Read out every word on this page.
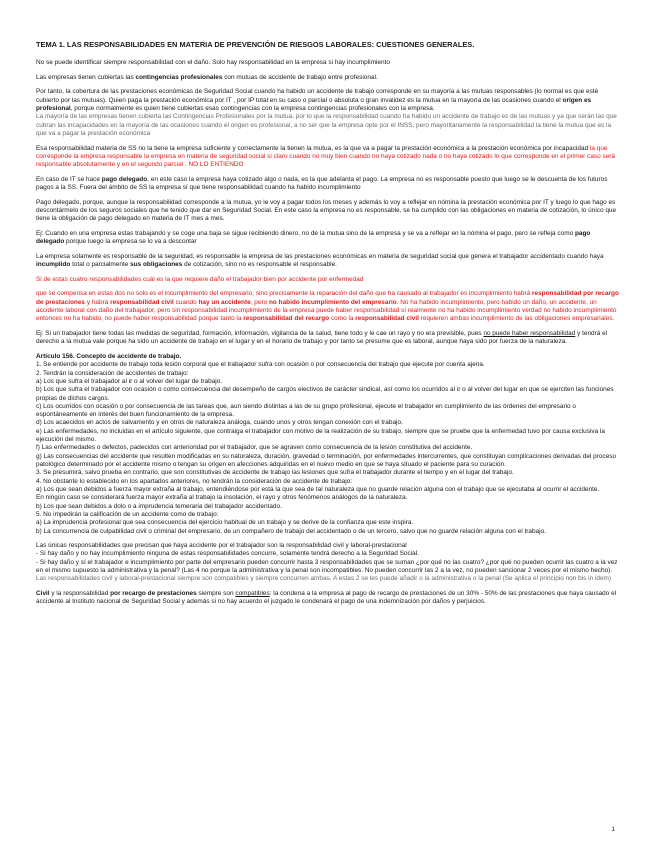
TEMA 1. LAS RESPONSABILIDADES EN MATERIA DE PREVENCIÓN DE RIESGOS LABORALES: CUESTIONES GENERALES.

No se puede identificar siempre responsabilidad con el daño. Solo hay responsabilidad en la empresa si hay incumplimiento

Las empresas tienen cubiertas las contingencias profesionales con mutuas de accidente de trabajo entre profesional.

Por tanto, la cobertura de las prestaciones económicas de Seguridad Social cuando ha habido un accidente de trabajo corresponde en su mayoría a las mutuas responsables (lo normal es que esté cubierto por las mutuas). Quien paga la prestación económica por IT , por IP total en su caso o parcial o absoluta o gran invalidez es la mutua en la mayoría de las ocasiones cuando el origen es profesional, porque normalmente es quien tiene cubiertas esas contingencias con la empresa contingencias profesionales con la empresa.

La mayoría de las empresas tienen cubierta las Contingencias Profesionales por la mutua, por lo que la responsabilidad cuando ha habido un accidente de trabajo es de las mutuas y ya que serán las que cubran las incapacidades en la mayoría de las ocasiones cuando el origen es profesional, a no ser que la empresa opte por el INSS, pero mayoritariamente la responsabilidad la tiene la mutua que es la que va a pagar la prestación económica

Esa responsabilidad materia de SS no la tiene la empresa suficiente y correctamente la tienen la mutua, es la que va a pagar la prestación económica a la prestación económica por incapacidad la que corresponde la empresa responsable la empresa en materia de seguridad social si claro cuando no muy bien cuando no haya cotizado nada o no haya cotizado lo que corresponde en el primer caso será responsable absolutamente y en el segundo parcial . NO LO ENTIENDO

En caso de IT se hace pago delegado, en este caso la empresa haya cotizado algo o nada, es la que adelanta el pago. La empresa no es responsable puesto que luego se le descuenta de los futuros pagos a la SS. Fuera del ámbito de SS la empresa sí que tiene responsabilidad cuando ha habido incumplimiento

Pago delegado, porque, aunque la responsabilidad corresponde a la mutua, yo le voy a pagar todos los meses y además lo voy a reflejar en nómina la prestación económica por IT y luego lo que hago es descontármelo de los seguros sociales que he tenido que dar en Seguridad Social. En este caso la empresa no es responsable, se ha cumplido con las obligaciones en materia de cotización, lo único que tiene la obligación de pago delegado en materia de IT mes a mes.

Ej: Cuando en una empresa estas trabajando y se coge una baja se sigue recibiendo dinero, no de la mutua sino de la empresa y se va a reflejar en la nómina el pago, pero se refleja como pago delegado porque luego la empresa se lo va a descontar

La empresa solamente es responsable de la seguridad, es responsable la empresa de las prestaciones económicas en materia de seguridad social que genera el trabajador accidentado cuando haya incumplido total o parcialmente sus obligaciones de cotización, sino no es responsable el responsable.

Si de estas cuatro responsabilidades cuál es la que requiere daño el trabajador bien por accidente por enfermedad

que se compensa en estas dos no solo es el incumplimiento del empresario, sino precisamente la reparación del daño que ha causado al trabajador es incumplimiento habrá responsabilidad por recargo de prestaciones y habrá responsabilidad civil cuando hay un accidente, pero no habido incumplimiento del empresario. No ha habido incumplimiento, pero habido un daño, un accidente, un accidente laboral con daño del trabajador, pero sin responsabilidad incumplimiento de la empresa puede haber responsabilidad sí realmente no ha habido incumplimiento verdad no habido incumplimiento entonces no ha habido, no puede haber responsabilidad porque tanto la responsabilidad del recargo como la responsabilidad civil requieren ambas incumplimiento de las obligaciones empresariales.

Ej: Si un trabajador tiene todas las medidas de seguridad, formación, información, vigilancia de la salud, tiene todo y le cae un rayo y no era previsible, pues no puede haber responsabilidad y tendrá el derecho a la mutua vale porque ha sido un accidente de trabajo en el lugar y en el horario de trabajo y por tanto se presume que es laboral, aunque haya sido por fuerza de la naturaleza.

Artículo 156. Concepto de accidente de trabajo.

1. Se entiende por accidente de trabajo toda lesión corporal que el trabajador sufra con ocasión o por consecuencia del trabajo que ejecute por cuenta ajena.

2. Tendrán la consideración de accidentes de trabajo:

a) Los que sufra el trabajador al ir o al volver del lugar de trabajo.

b) Los que sufra el trabajador con ocasión o como consecuencia del desempeño de cargos electivos de carácter sindical, así como los ocurridos al ir o al volver del lugar en que se ejerciten las funciones propias de dichos cargos.

c) Los ocurridos con ocasión o por consecuencia de las tareas que, aun siendo distintas a las de su grupo profesional, ejecute el trabajador en cumplimiento de las órdenes del empresario o espontáneamente en interés del buen funcionamiento de la empresa.

d) Los acaecidos en actos de salvamento y en otros de naturaleza análoga, cuando unos y otros tengan conexión con el trabajo.

e) Las enfermedades, no incluidas en el artículo siguiente, que contraiga el trabajador con motivo de la realización de su trabajo, siempre que se pruebe que la enfermedad tuvo por causa exclusiva la ejecución del mismo.

f) Las enfermedades o defectos, padecidos con anterioridad por el trabajador, que se agraven como consecuencia de la lesión constitutiva del accidente.

g) Las consecuencias del accidente que resulten modificadas en su naturaleza, duración, gravedad o terminación, por enfermedades intercurrentes, que constituyan complicaciones derivadas del proceso patológico determinado por el accidente mismo o tengan su origen en afecciones adquiridas en el nuevo medio en que se haya situado el paciente para su curación.

3. Se presumirá, salvo prueba en contrario, que son constitutivas de accidente de trabajo las lesiones que sufra el trabajador durante el tiempo y en el lugar del trabajo.

4. No obstante lo establecido en los apartados anteriores, no tendrán la consideración de accidente de trabajo:

a) Los que sean debidos a fuerza mayor extraña al trabajo, entendiéndose por esta la que sea de tal naturaleza que no guarde relación alguna con el trabajo que se ejecutaba al ocurrir el accidente.

En ningún caso se considerará fuerza mayor extraña al trabajo la insolación, el rayo y otros fenómenos análogos de la naturaleza.

b) Los que sean debidos a dolo o a imprudencia temeraria del trabajador accidentado.

5. No impedirán la calificación de un accidente como de trabajo:

a) La imprudencia profesional que sea consecuencia del ejercicio habitual de un trabajo y se derive de la confianza que este inspira.

b) La concurrencia de culpabilidad civil o criminal del empresario, de un compañero de trabajo del accidentado o de un tercero, salvo que no guarde relación alguna con el trabajo.

Las únicas responsabilidades que precisan que haya accidente por el trabajador son la responsabilidad civil y laboral-prestacional

- Si hay daño y no hay incumplimiento ninguna de estas responsabilidades concurre, solamente tendrá derecho a la Seguridad Social.

- Si hay daño y sí el trabajador e incumplimiento por parte del empresario pueden concurrir hasta 3 responsabilidades que se suman ¿por qué no las cuatro? ¿por qué no pueden ocurrir las cuatro a la vez en el mismo supuesto la administrativa y la penal? (Las 4 no porque la administrativa y la penal son incompatibles. No pueden concurrir las 2 a la vez, no pueden sancionar 2 veces por el mismo hecho).

Las responsabilidades civil y laboral-prestacional siempre son compatibles y siempre concurren ambas. A estas 2 se les puede añadir o la administrativa o la penal (Se aplica el principio non bis in idem)

Civil y la responsabilidad por recargo de prestaciones siempre son compatibles: la condena a la empresa al pago de recargo de prestaciones de un 30% - 50% de las prestaciones que haya causado el accidente al Instituto nacional de Seguridad Social y además si no hay acuerdo el juzgado le condenará el pago de una indemnización por daños y perjuicios.

1
